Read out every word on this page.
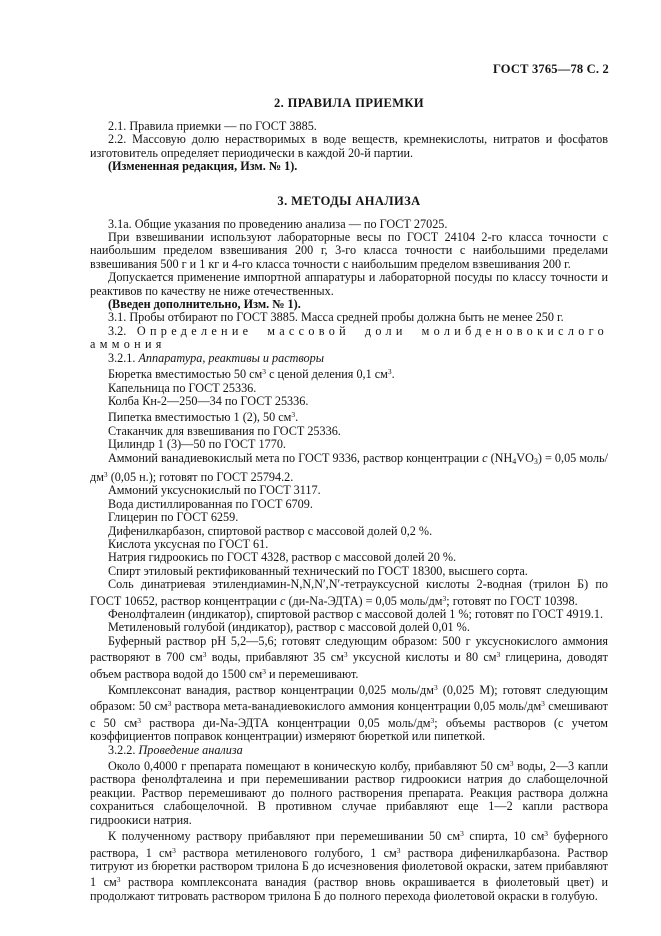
ГОСТ 3765—78 С. 2
2. ПРАВИЛА ПРИЕМКИ

2.1. Правила приемки — по ГОСТ 3885.

2.2. Массовую долю нерастворимых в воде веществ, кремнекислоты, нитратов и фосфатов изготовитель определяет периодически в каждой 20-й партии.

(Измененная редакция, Изм. № 1).

3. МЕТОДЫ АНАЛИЗА

3.1а. Общие указания по проведению анализа — по ГОСТ 27025.

При взвешивании используют лабораторные весы по ГОСТ 24104 2-го класса точности с наибольшим пределом взвешивания 200 г, 3-го класса точности с наибольшими пределами взвешивания 500 г и 1 кг и 4-го класса точности с наибольшим пределом взвешивания 200 г.

Допускается применение импортной аппаратуры и лабораторной посуды по классу точности и реактивов по качеству не ниже отечественных.

(Введен дополнительно, Изм. № 1).

3.1. Пробы отбирают по ГОСТ 3885. Масса средней пробы должна быть не менее 250 г.

3.2. Определение массовой доли молибденовокислого аммония

3.2.1. Аппаратура, реактивы и растворы

Бюретка вместимостью 50 $см^3$ с ценой деления 0,1 $см^3$.

Капельница по ГОСТ 25336.

Колба Кн-2—250—34 по ГОСТ 25336.

Пипетка вместимостью 1 (2), 50 $см^3$.

Стаканчик для взвешивания по ГОСТ 25336.

Цилиндр 1 (3)—50 по ГОСТ 1770.

Аммоний ванадиевокислый мета по ГОСТ 9336, раствор концентрации c $(NH_4VO_3) = 0,05$ моль/$дм^3$ (0,05 н.); готовят по ГОСТ 25794.2.

Аммоний уксуснокислый по ГОСТ 3117.

Вода дистиллированная по ГОСТ 6709.

Глицерин по ГОСТ 6259.

Дифенилкарбазон, спиртовой раствор с массовой долей 0,2 %.

Кислота уксусная по ГОСТ 61.

Натрия гидроокись по ГОСТ 4328, раствор с массовой долей 20 %.

Спирт этиловый ректификованный технический по ГОСТ 18300, высшего сорта.

Соль динатриевая этилендиамин-N,N,N′,N′-тетрауксусной кислоты 2-водная (трилон Б) по ГОСТ 10652, раствор концентрации c (ди-Na-ЭДТА) = 0,05 моль/$дм^3$; готовят по ГОСТ 10398.

Фенолфталеин (индикатор), спиртовой раствор с массовой долей 1 %; готовят по ГОСТ 4919.1.

Метиленовый голубой (индикатор), раствор с массовой долей 0,01 %.

Буферный раствор pH 5,2—5,6; готовят следующим образом: 500 г уксуснокислого аммония растворяют в 700 $см^3$ воды, прибавляют 35 $см^3$ уксусной кислоты и 80 $см^3$ глицерина, доводят объем раствора водой до 1500 $см^3$ и перемешивают.

Комплексонат ванадия, раствор концентрации 0,025 моль/$дм^3$ (0,025 М); готовят следующим образом: 50 $см^3$ раствора мета-ванадиевокислого аммония концентрации 0,05 моль/$дм^3$ смешивают с 50 $см^3$ раствора ди-Na-ЭДТА концентрации 0,05 моль/$дм^3$; объемы растворов (с учетом коэффициентов поправок концентрации) измеряют бюреткой или пипеткой.

3.2.2. Проведение анализа

Около 0,4000 г препарата помещают в коническую колбу, прибавляют 50 $см^3$ воды, 2—3 капли раствора фенолфталеина и при перемешивании раствор гидроокиси натрия до слабощелочной реакции. Раствор перемешивают до полного растворения препарата. Реакция раствора должна сохраниться слабощелочной. В противном случае прибавляют еще 1—2 капли раствора гидроокиси натрия.

К полученному раствору прибавляют при перемешивании 50 $см^3$ спирта, 10 $см^3$ буферного раствора, 1 $см^3$ раствора метиленового голубого, 1 $см^3$ раствора дифенилкарбазона. Раствор титруют из бюретки раствором трилона Б до исчезновения фиолетовой окраски, затем прибавляют 1 $см^3$ раствора комплексоната ванадия (раствор вновь окрашивается в фиолетовый цвет) и продолжают титровать раствором трилона Б до полного перехода фиолетовой окраски в голубую.
